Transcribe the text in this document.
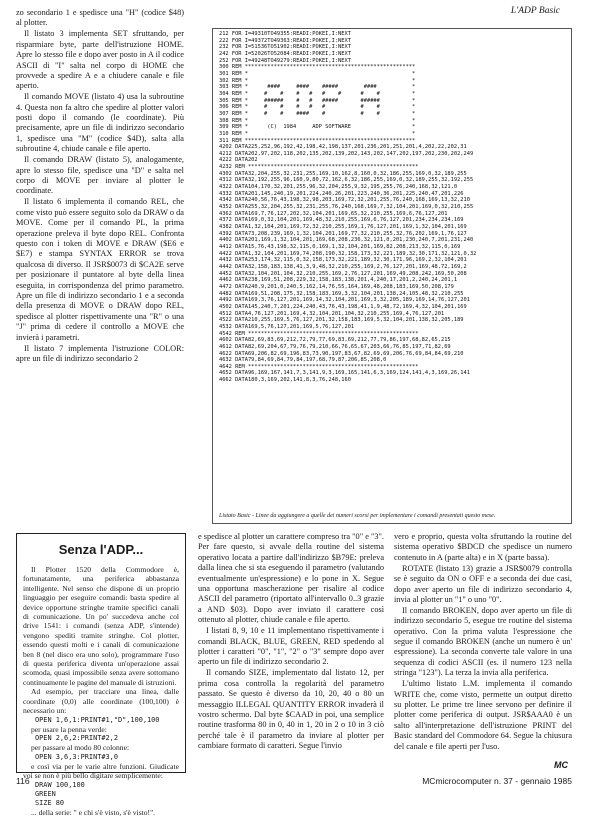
L'ADP Basic

zo secondario 1 e spedisce una "H" (codice $48) al plotter.

Il listato 3 implementa SET sfruttando, per risparmiare byte, parte dell'istruzione HOME. Apre lo stesso file e dopo aver posto in A il codice ASCII di "I" salta nel corpo di HOME che provvede a spedire A e a chiudere canale e file aperto.

Il comando MOVE (listato 4) usa la subroutine 4. Questa non fa altro che spedire al plotter valori posti dopo il comando (le coordinate). Più precisamente, apre un file di indirizzo secondario 1, spedisce una "M" (codice $4D), salta alla subroutine 4, chiude canale e file aperto.

Il comando DRAW (listato 5), analogamente, apre lo stesso file, spedisce una "D" e salta nel corpo di MOVE per inviare al plotter le coordinate.

Il listato 6 implementa il comando REL, che come visto può essere seguito solo da DRAW o da MOVE. Come per il comando PL, la prima operazione preleva il byte dopo REL. Confronta questo con i token di MOVE e DRAW ($E6 e $E7) e stampa SYNTAX ERROR se trova qualcosa di diverso. Il JSR$0073 di $CA2E serve per posizionare il puntatore al byte della linea eseguita, in corrispondenza del primo parametro. Apre un file di indirizzo secondario 1 e a seconda della presenza di MOVE o DRAW dopo REL, spedisce al plotter rispettivamente una "R" o una "J" prima di cedere il controllo a MOVE che invierà i parametri.

Il listato 7 implementa l'istruzione COLOR: apre un file di indirizzo secondario 2

212 FOR I=49310TO49355:READI:POKEI,I:NEXT
222 FOR I=49372TO49363:READI:POKEI,I:NEXT
232 FOR I=51536TO51902:READI:POKEI,I:NEXT
242 FOR I=52026TO52084:READI:POKEI,I:NEXT
252 FOR I=49248TO49279:READI:POKEI,I:NEXT
300 REM *****************************************************
301 REM *                                                   *
302 REM *                                                   *
303 REM *      ####     ####    #####        ####           *
304 REM *     #    #    #   #   #    #      #    #          *
305 REM *     ######    #   #   #####       ######          *
306 REM *     #    #    #   #   #           #    #          *
307 REM *     #    #    ####    #           #    #          *
308 REM *                                                   *
309 REM *      (C)  1984     ADP SOFTWARE                   *
310 REM *                                                   *
311 REM *****************************************************
4202 DATA225,252,96,192,42,198,42,198,137,201,236,201,251,201,4,202,22,202,31
4212 DATA202,97,202,118,202,135,202,139,202,143,202,147,202,197,202,230,202,249
4222 DATA202
4232 REM *****************************************************
4302 DATA32,204,255,32,231,255,169,10,162,8,160,0,32,186,255,169,0,32,189,255
4312 DATA32,192,255,96,160,9,80,72,162,6,32,186,255,169,0,32,189,255,32,192,255
4322 DATA104,170,32,201,255,96,32,204,255,9,32,195,255,76,240,168,32,121,0
4332 DATA201,145,240,19,201,224,240,26,201,223,240,36,201,225,240,47,201,226
4342 DATA240,56,76,43,198,32,98,203,169,72,32,201,255,76,240,168,169,13,32,210
4352 DATA255,32,204,255,32,231,255,76,240,168,169,7,32,104,201,169,0,32,210,255
4362 DATA169,7,76,127,202,32,104,201,169,65,32,210,255,169,6,76,127,201
4372 DATA169,0,32,104,201,169,48,32,210,255,169,6,76,127,201,234,234,234,169
4382 DATA1,32,104,201,169,72,32,210,255,169,1,76,127,201,169,1,32,104,201,169
4392 DATA73,208,239,169,1,32,104,201,169,77,32,210,255,32,76,202,169,1,76,127
4402 DATA201,169,1,32,104,201,169,68,208,236,32,121,0,201,230,240,7,201,231,240
4412 DATA15,76,43,198,32,115,0,169,1,32,104,201,169,82,208,213,32,115,0,169
4422 DATA1,32,104,201,169,74,208,190,32,158,173,32,221,189,32,30,171,32,121,0,32
4432 DATA253,174,32,115,0,32,158,173,32,221,189,32,30,171,96,169,2,32,104,201
4442 DATA32,158,183,138,41,3,9,48,32,210,255,169,2,76,127,201,169,48,72,169,2
4452 DATA32,104,201,104,32,210,255,169,2,76,127,201,169,49,208,242,169,50,208
4462 DATA238,169,51,208,229,32,158,183,138,201,4,240,17,201,2,240,24,201,1
4472 DATA240,9,201,0,240,5,162,14,76,55,164,169,48,208,183,169,50,208,179
4482 DATA169,51,208,175,32,158,183,169,3,32,104,201,138,24,105,48,32,210,255
4492 DATA169,3,76,127,201,169,14,32,104,201,169,3,32,205,189,169,14,76,127,201
4502 DATA145,240,7,201,224,240,43,76,43,198,41,1,9,48,72,169,4,32,104,201,169
4512 DATA4,76,127,201,169,4,32,104,201,104,32,210,255,169,4,76,127,201
4522 DATA210,255,169,5,76,127,201,32,158,183,169,5,32,104,201,138,32,205,189
4532 DATA169,5,76,127,201,169,5,76,127,201
4542 REM *****************************************************
4602 DATA82,69,83,69,212,72,79,77,69,83,69,212,77,79,86,197,68,82,65,215
4612 DATA82,69,204,67,79,76,79,210,66,76,65,67,203,66,76,85,197,71,82,69
4622 DATA69,206,82,69,196,83,73,90,197,83,67,82,69,69,206,76,69,84,84,69,210
4632 DATA79,84,69,84,79,84,197,68,79,87,206,85,208,0
4642 REM *****************************************************
4652 DATA96,169,167,141,7,3,141,9,3,169,165,141,6,3,169,124,141,4,3,169,26,141
4662 DATA180,3,169,202,141,8,3,76,248,160
Listato Basic - Linee da aggiungere a quelle dei numeri scorsi per implementare i comandi presentati questo mese.
Senza l'ADP...

Il Plotter 1520 della Commodore è, fortunatamente, una periferica abbastanza intelligente. Nel senso che dispone di un proprio linguaggio per eseguire comandi: basta spedire al device opportune stringhe tramite specifici canali di comunicazione. Un po' succedeva anche col drive 1541: i comandi (senza ADP, s'intende) vengono spediti tramite stringhe. Col plotter, essendo questi molti e i canali di comunicazione ben 8 (nel disco era uno solo), programmare l'uso di questa periferica diventa un'operazione assai scomoda, quasi impossibile senza avere sottomano continuamente le pagine del manuale di istruzioni.

Ad esempio, per tracciare una linea, dalle coordinate (0,0) alle coordinate (100,100) è necessario un:

OPEN 1,6,1:PRINT#1,"D",100,100

per usare la penna verde:

OPEN 2,6,2:PRINT#2,2

per passare al modo 80 colonne:

OPEN 3,6,3:PRINT#3,0

e così via per le varie altre funzioni. Giudicate voi se non è più bello digitare semplicemente:

DRAW 100,100
GREEN
SIZE 80

... della serie: " e chi s'è visto, s'è visto!".

e spedisce al plotter un carattere compreso tra "0" e "3". Per fare questo, si avvale della routine del sistema operativo locata a partire dall'indirizzo $B79E: preleva dalla linea che si sta eseguendo il parametro (valutando eventualmente un'espressione) e lo pone in X. Segue una opportuna mascherazione per risalire al codice ASCII del parametro (riportato all'intervallo 0..3 grazie a AND $03). Dopo aver inviato il carattere così ottenuto al plotter, chiude canale e file aperto.

I listati 8, 9, 10 e 11 implementano rispettivamente i comandi BLACK, BLUE, GREEN, RED spedendo al plotter i caratteri "0", "1", "2" o "3" sempre dopo aver aperto un file di indirizzo secondario 2.

Il comando SIZE, implementato dal listato 12, per prima cosa controlla la regolarità del parametro passato. Se questo è diverso da 10, 20, 40 o 80 un messaggio ILLEGAL QUANTITY ERROR invaderà il vostro schermo. Dal byte $CAAD in poi, una semplice routine trasforma 80 in 0, 40 in 1, 20 in 2 o 10 in 3 ciò perché tale è il parametro da inviare al plotter per cambiare formato di caratteri. Segue l'invio

vero e proprio, questa volta sfruttando la routine del sistema operativo $BDCD che spedisce un numero contenuto in A (parte alta) e in X (parte bassa).

ROTATE (listato 13) grazie a JSR$0079 controlla se è seguito da ON o OFF e a seconda dei due casi, dopo aver aperto un file di indirizzo secondario 4, invia al plotter un "1" o uno "0".

Il comando BROKEN, dopo aver aperto un file di indirizzo secondario 5, esegue tre routine del sistema operativo. Con la prima valuta l'espressione che segue il comando BROKEN (anche un numero è un' espressione). La seconda converte tale valore in una sequenza di codici ASCII (es. il numero 123 nella stringa "123"). La terza la invia alla periferica.

L'ultimo listato L.M. implementa il comando WRITE che, come visto, permette un output diretto su plotter. Le prime tre linee servono per definire il plotter come periferica di output. JSR$AAA0 è un salto all'interpretazione dell'istruzione PRINT del Basic standard del Commodore 64. Segue la chiusura del canale e file aperti per l'uso.

MC
116	MCmicrocomputer n. 37 - gennaio 1985
